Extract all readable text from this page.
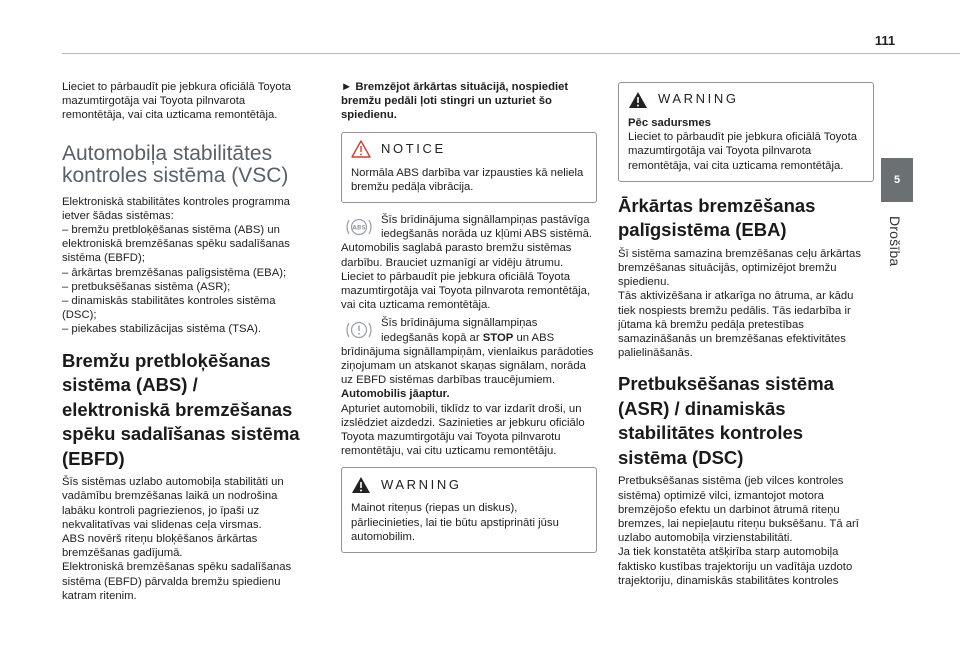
111
5
Drošība

Lieciet to pārbaudīt pie jebkura oficiālā Toyota mazumtirgotāja vai Toyota pilnvarota remontētāja, vai cita uzticama remontētāja.

Automobiļa stabilitātes kontroles sistēma (VSC)

Elektroniskā stabilitātes kontroles programma ietver šādas sistēmas:

– bremžu pretbloķēšanas sistēma (ABS) un elektroniskā bremzēšanas spēku sadalīšanas sistēma (EBFD);

– ārkārtas bremzēšanas palīgsistēma (EBA);

– pretbuksēšanas sistēma (ASR);

– dinamiskās stabilitātes kontroles sistēma (DSC);

– piekabes stabilizācijas sistēma (TSA).

Bremžu pretbloķēšanas sistēma (ABS) / elektroniskā bremzēšanas spēku sadalīšanas sistēma (EBFD)

Šīs sistēmas uzlabo automobiļa stabilitāti un vadāmību bremzēšanas laikā un nodrošina labāku kontroli pagriezienos, jo īpaši uz nekvalitatīvas vai slidenas ceļa virsmas.

ABS novērš riteņu bloķēšanos ārkārtas bremzēšanas gadījumā.

Elektroniskā bremzēšanas spēku sadalīšanas sistēma (EBFD) pārvalda bremžu spiedienu katram ritenim.

► Bremzējot ārkārtas situācijā, nospiediet bremžu pedāli ļoti stingri un uzturiet šo spiedienu.

NOTICE
Normāla ABS darbība var izpausties kā neliela bremžu pedāļa vibrācija.
ABS
Šīs brīdinājuma signāllampiņas pastāvīga iedegšanās norāda uz kļūmi ABS sistēmā.

Automobilis saglabā parasto bremžu sistēmas darbību. Brauciet uzmanīgi ar vidēju ātrumu. Lieciet to pārbaudīt pie jebkura oficiālā Toyota mazumtirgotāja vai Toyota pilnvarota remontētāja, vai cita uzticama remontētāja.

Šīs brīdinājuma signāllampiņas iedegšanās kopā ar STOP un ABS

brīdinājuma signāllampiņām, vienlaikus parādoties ziņojumam un atskanot skaņas signālam, norāda uz EBFD sistēmas darbības traucējumiem.

Automobilis jāaptur.

Apturiet automobili, tiklīdz to var izdarīt droši, un izslēdziet aizdedzi. Sazinieties ar jebkuru oficiālo Toyota mazumtirgotāju vai Toyota pilnvarotu remontētāju, vai citu uzticamu remontētāju.

WARNING
Mainot riteņus (riepas un diskus), pārliecinieties, lai tie būtu apstiprināti jūsu automobilim.
WARNING

Pēc sadursmes

Lieciet to pārbaudīt pie jebkura oficiālā Toyota mazumtirgotāja vai Toyota pilnvarota remontētāja, vai cita uzticama remontētāja.

Ārkārtas bremzēšanas palīgsistēma (EBA)

Šī sistēma samazina bremzēšanas ceļu ārkārtas bremzēšanas situācijās, optimizējot bremžu spiedienu.

Tās aktivizēšana ir atkarīga no ātruma, ar kādu tiek nospiests bremžu pedālis. Tās iedarbība ir jūtama kā bremžu pedāļa pretestības samazināšanās un bremzēšanas efektivitātes palielināšanās.

Pretbuksēšanas sistēma (ASR) / dinamiskās stabilitātes kontroles sistēma (DSC)

Pretbuksēšanas sistēma (jeb vilces kontroles sistēma) optimizē vilci, izmantojot motora bremzējošo efektu un darbinot ātrumā riteņu bremzes, lai nepieļautu riteņu buksēšanu. Tā arī uzlabo automobiļa virzienstabilitāti.

Ja tiek konstatēta atšķirība starp automobiļa faktisko kustības trajektoriju un vadītāja uzdoto trajektoriju, dinamiskās stabilitātes kontroles
